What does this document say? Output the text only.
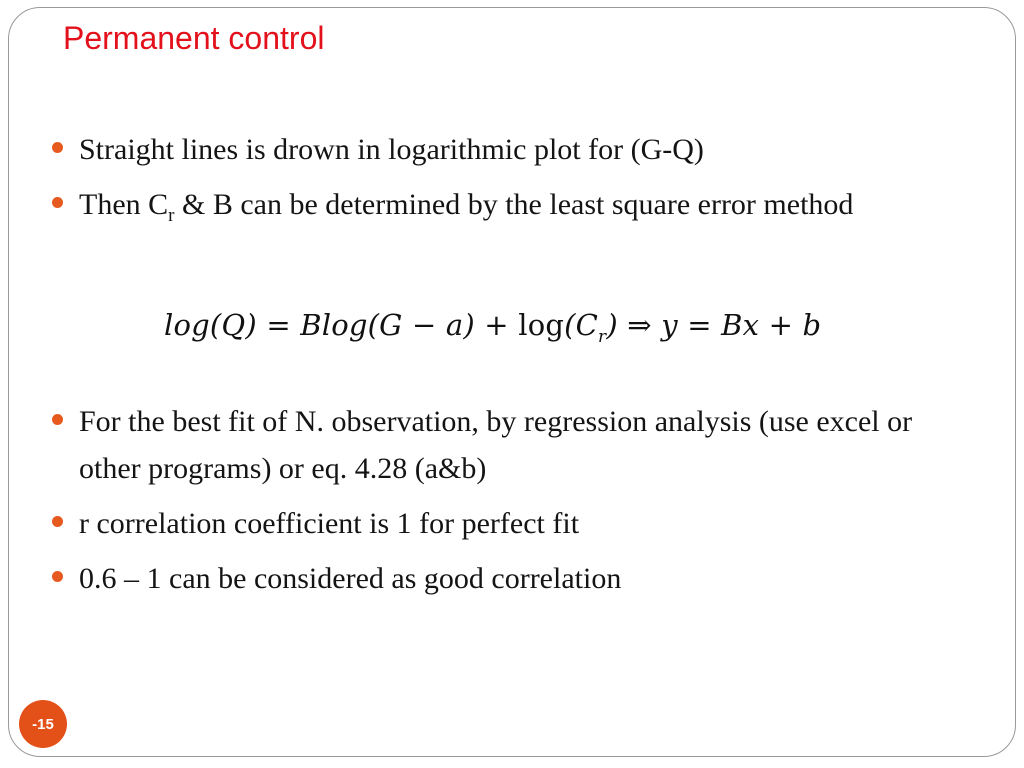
Permanent control
Straight lines is drown in logarithmic plot for (G-Q)
Then $C_r$ & B can be determined by the least square error method
$\log(Q) = Blog(G - a) + \log(C_r)$ ⇒ y = Bx + b
For the best fit of N. observation, by regression analysis (use excel or other programs) or eq. 4.28 (a&b)
r correlation coefficient is 1 for perfect fit
0.6 – 1 can be considered as good correlation
-15
